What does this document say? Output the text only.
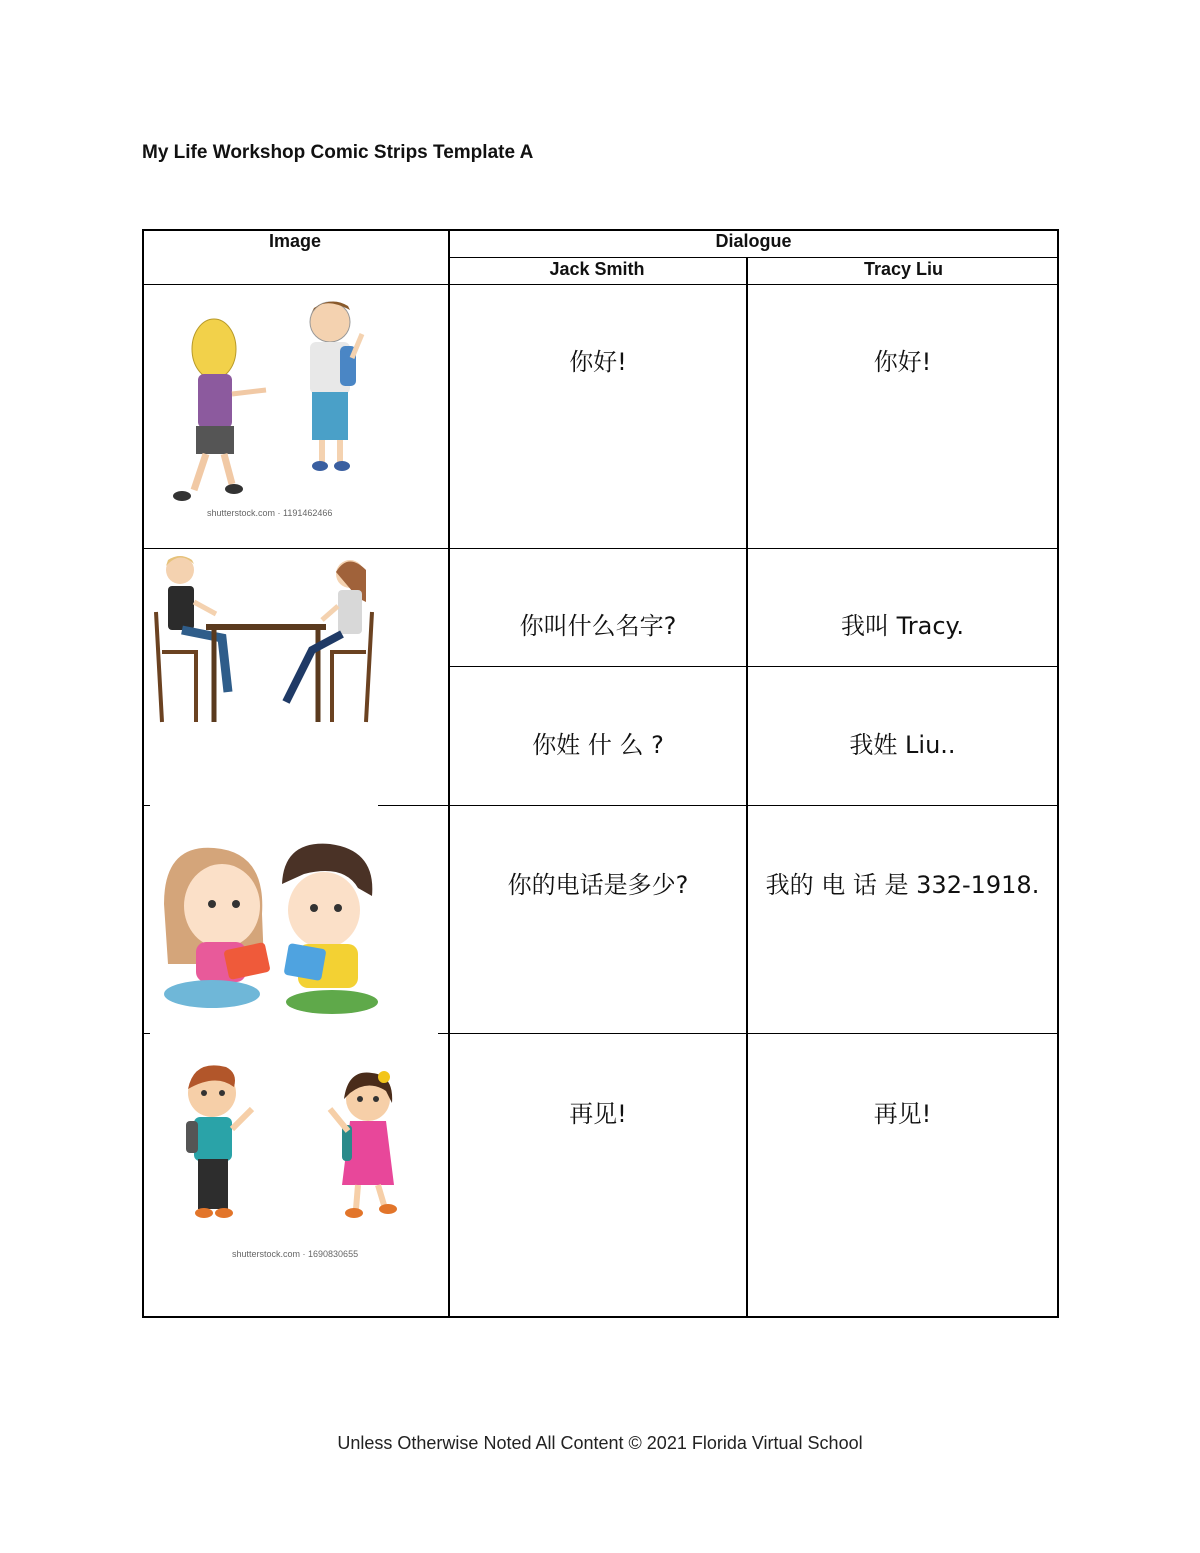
My Life Workshop Comic Strips Template A
Image	Dialogue
Jack Smith	Tracy Liu
你好!	你好!
你叫什么名字?	我叫 Tracy.
你姓 什 么 ?	我姓 Liu..
你的电话是多少?	我的 电 话 是 332-1918.
再见!	再见!
shutterstock.com · 1191462466
shutterstock.com · 1690830655
Unless Otherwise Noted All Content © 2021 Florida Virtual School
